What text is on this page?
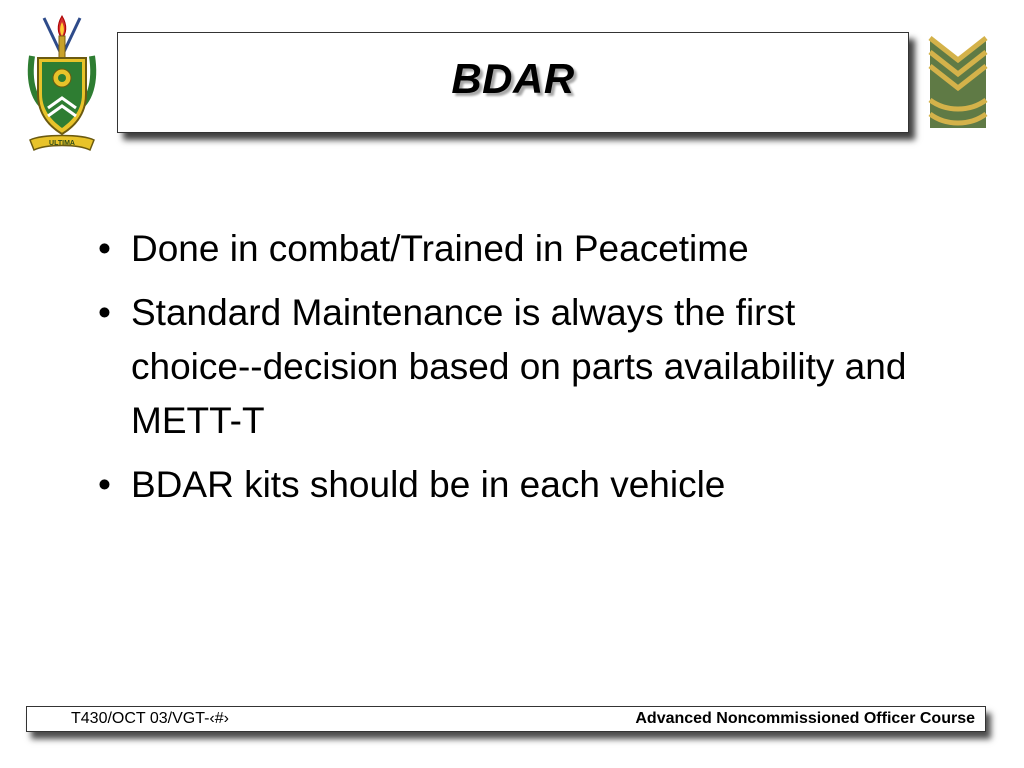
ULTIMA
BDAR
• Done in combat/Trained in Peacetime
• Standard Maintenance is always the first choice--decision based on parts availability and METT-T
• BDAR kits should be in each vehicle
T430/OCT 03/VGT-‹#›	Advanced Noncommissioned Officer Course
